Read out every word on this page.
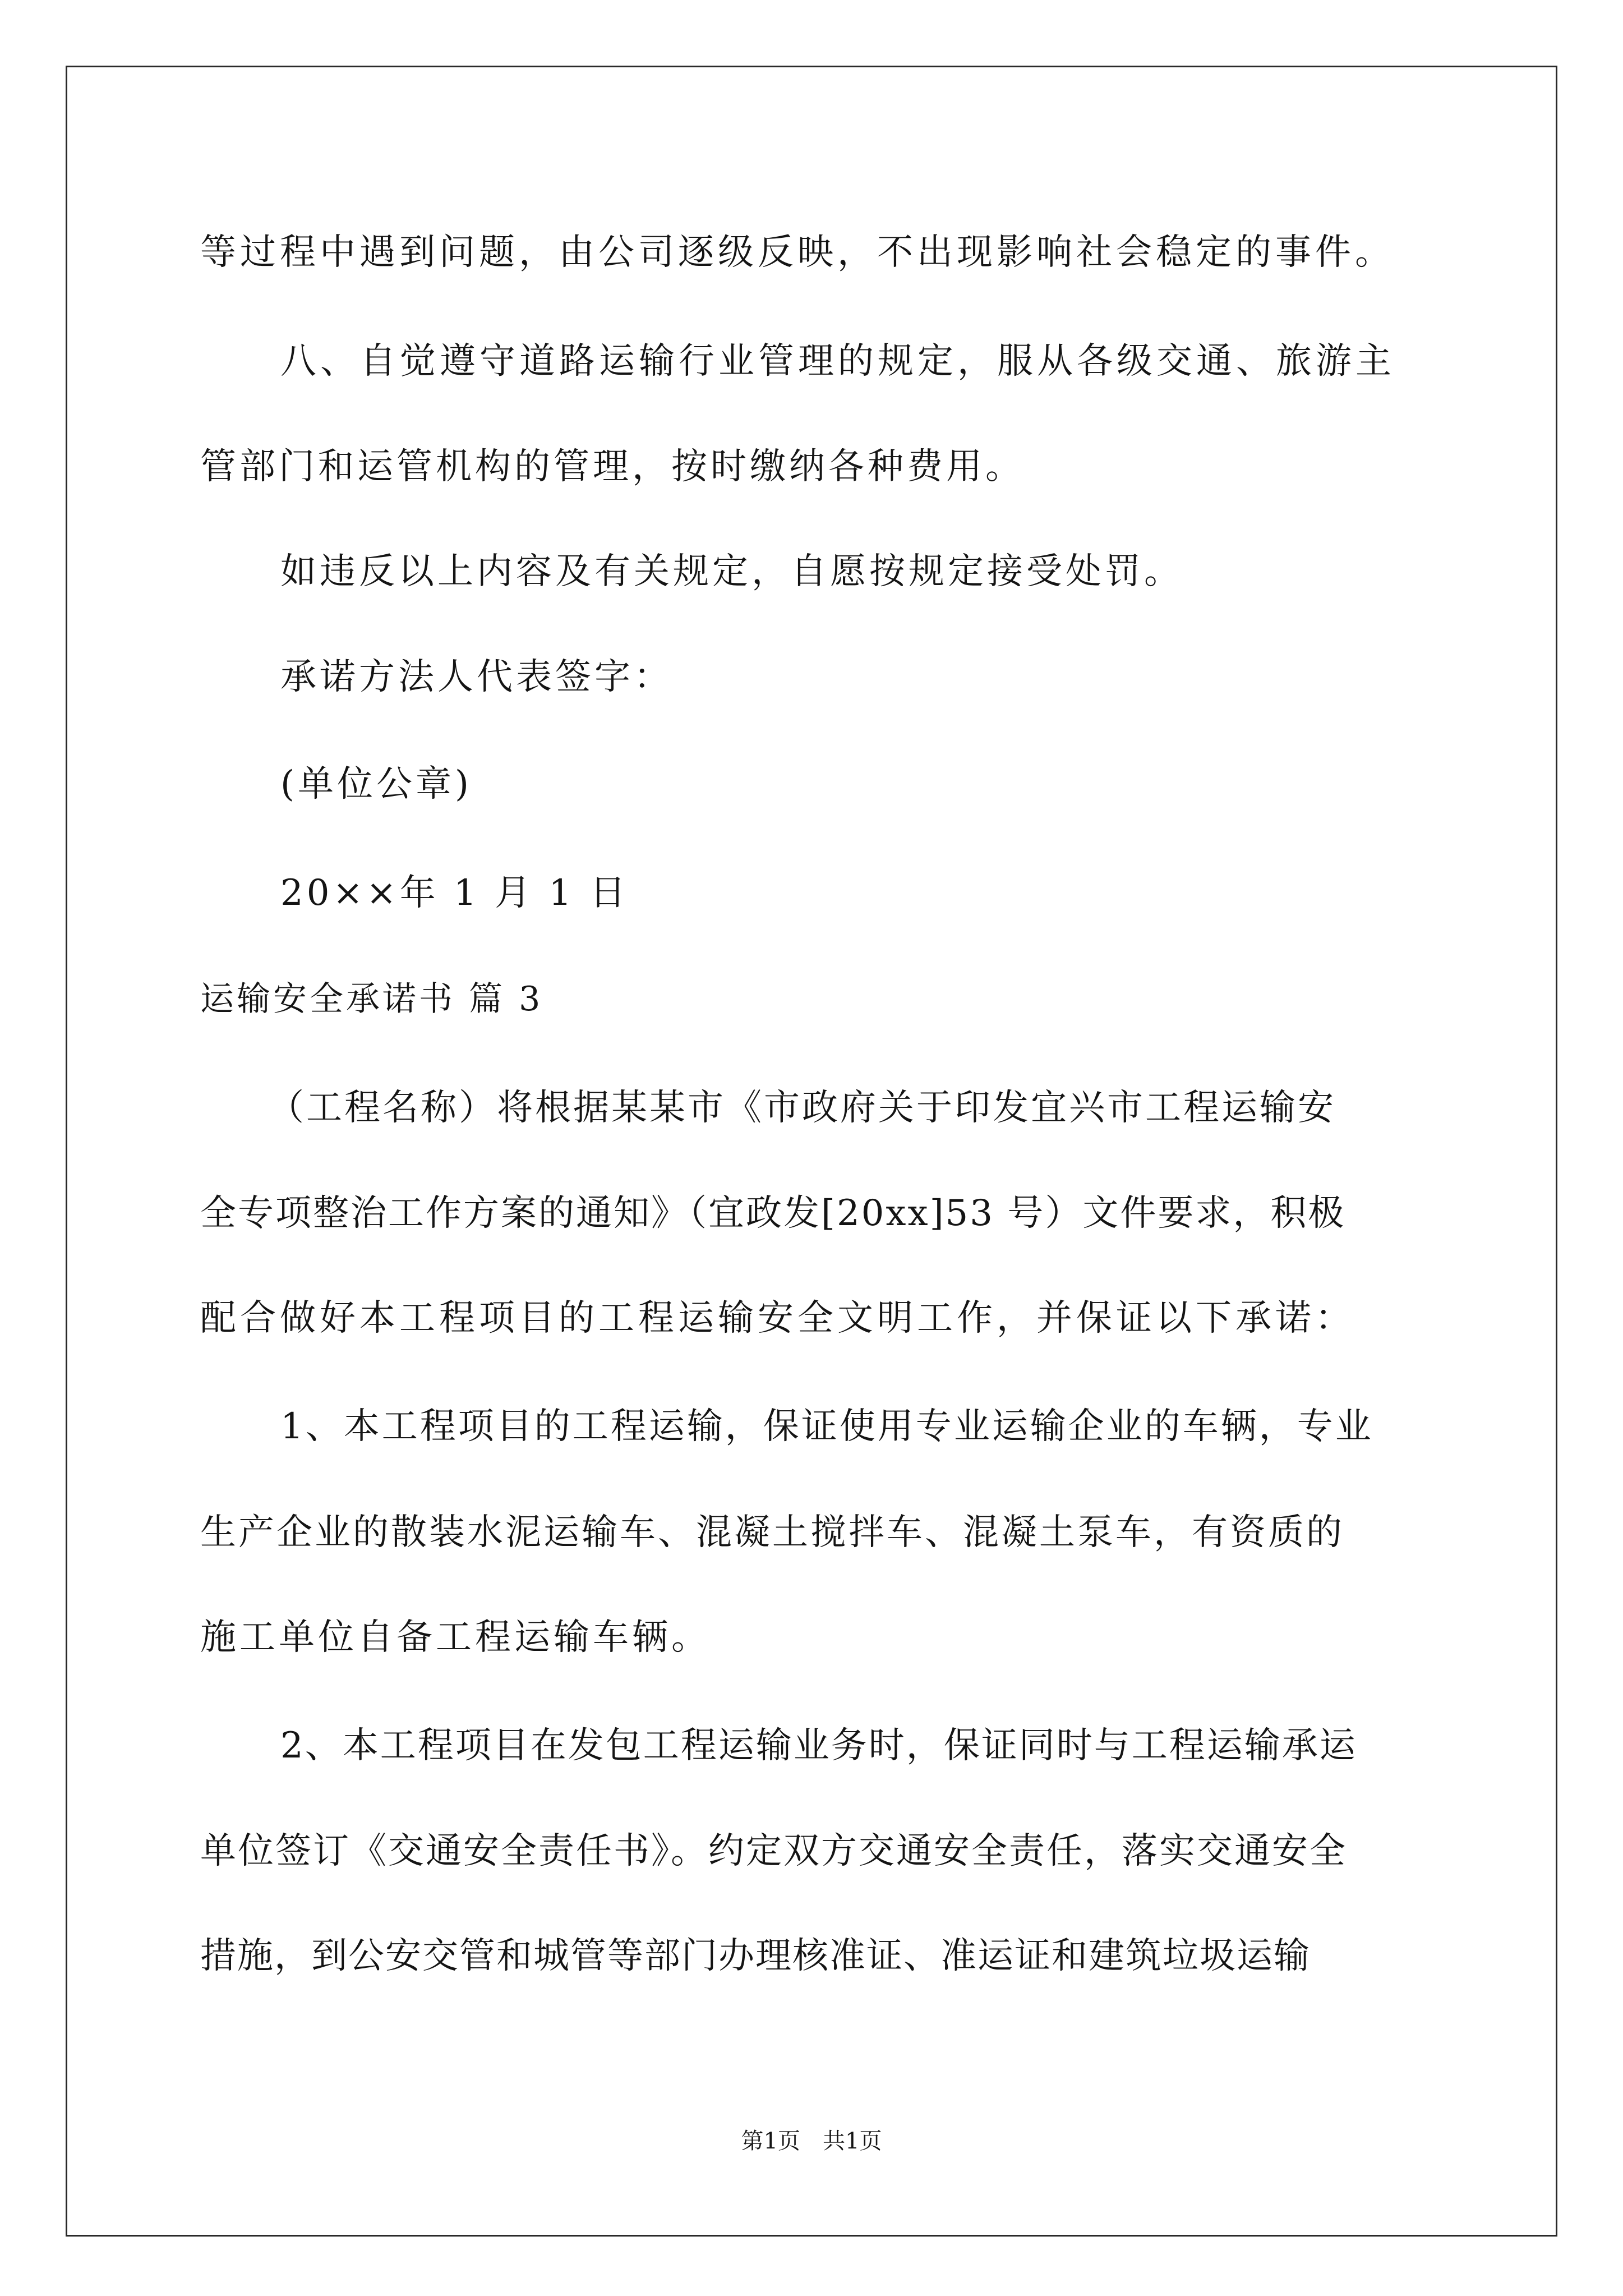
等过程中遇到问题，由公司逐级反映，不出现影响社会稳定的事件。
八、自觉遵守道路运输行业管理的规定，服从各级交通、旅游主
管部门和运管机构的管理，按时缴纳各种费用。
如违反以上内容及有关规定，自愿按规定接受处罚。
承诺方法人代表签字：
(单位公章)
20××年 1 月 1 日
运输安全承诺书 篇 3
（工程名称）将根据某某市《市政府关于印发宜兴市工程运输安
全专项整治工作方案的通知》（宜政发[20xx]53 号）文件要求，积极
配合做好本工程项目的工程运输安全文明工作，并保证以下承诺：
1、本工程项目的工程运输，保证使用专业运输企业的车辆，专业
生产企业的散装水泥运输车、混凝土搅拌车、混凝土泵车，有资质的
施工单位自备工程运输车辆。
2、本工程项目在发包工程运输业务时，保证同时与工程运输承运
单位签订《交通安全责任书》。约定双方交通安全责任，落实交通安全
措施，到公安交管和城管等部门办理核准证、准运证和建筑垃圾运输
第1页 共1页
